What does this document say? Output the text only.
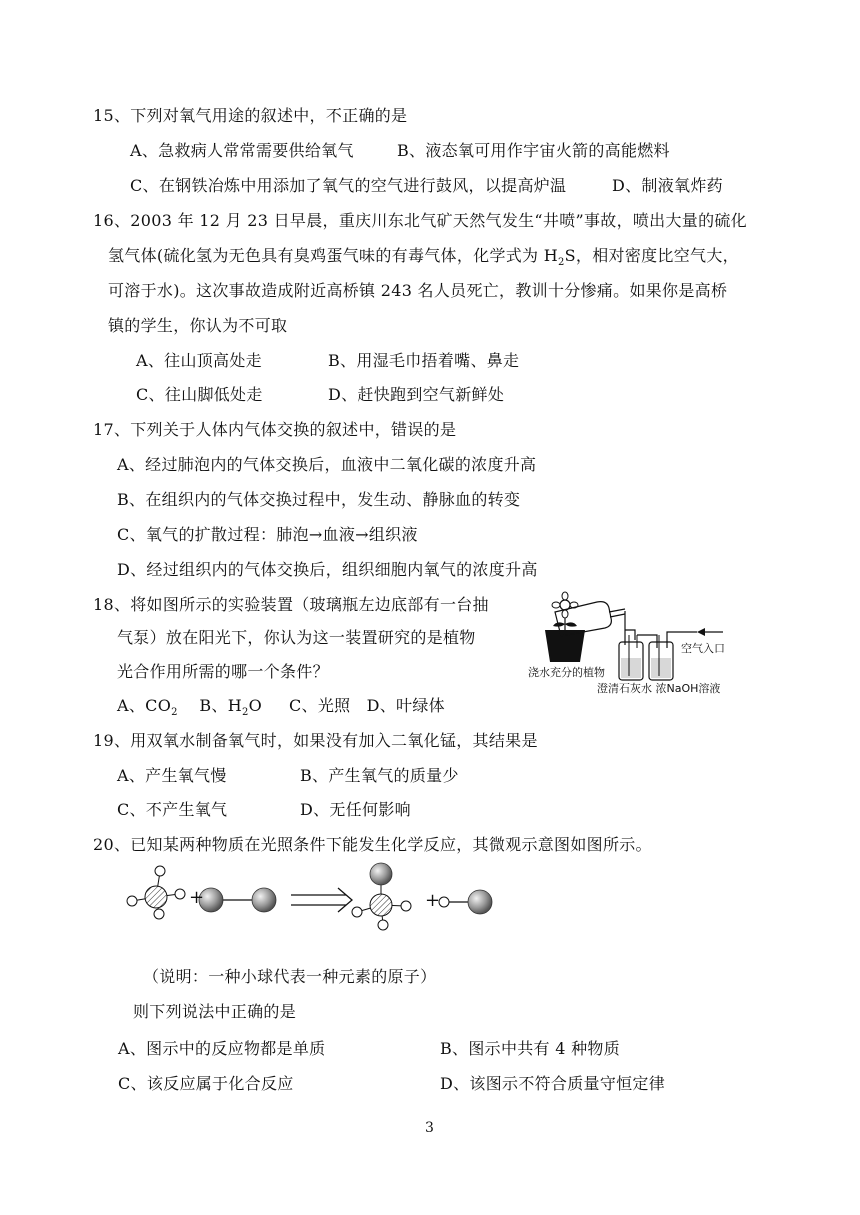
15、下列对氧气用途的叙述中，不正确的是
A、急救病人常常需要供给氧气	B、液态氧可用作宇宙火箭的高能燃料
C、在钢铁冶炼中用添加了氧气的空气进行鼓风，以提高炉温	D、制液氧炸药
16、2003 年 12 月 23 日早晨，重庆川东北气矿天然气发生“井喷”事故，喷出大量的硫化
氢气体(硫化氢为无色具有臭鸡蛋气味的有毒气体，化学式为 $H_2S$，相对密度比空气大，
可溶于水)。这次事故造成附近高桥镇 243 名人员死亡，教训十分惨痛。如果你是高桥
镇的学生，你认为不可取
A、往山顶高处走	B、用湿毛巾捂着嘴、鼻走
C、往山脚低处走	D、赶快跑到空气新鲜处
17、下列关于人体内气体交换的叙述中，错误的是
A、经过肺泡内的气体交换后，血液中二氧化碳的浓度升高
B、在组织内的气体交换过程中，发生动、静脉血的转变
C、氧气的扩散过程：肺泡→血液→组织液
D、经过组织内的气体交换后，组织细胞内氧气的浓度升高
18、将如图所示的实验装置（玻璃瓶左边底部有一台抽
气泵）放在阳光下，你认为这一装置研究的是植物
光合作用所需的哪一个条件？
A、$CO_2$ B、$H_2O$ C、光照 D、叶绿体
空气入口
浇水充分的植物
澄清石灰水 浓NaOH溶液
19、用双氧水制备氧气时，如果没有加入二氧化锰，其结果是
A、产生氧气慢	B、产生氧气的质量少
C、不产生氧气	D、无任何影响
20、已知某两种物质在光照条件下能发生化学反应，其微观示意图如图所示。
+	+
（说明：一种小球代表一种元素的原子）
则下列说法中正确的是
A、图示中的反应物都是单质	B、图示中共有 4 种物质
C、该反应属于化合反应	D、该图示不符合质量守恒定律
3
